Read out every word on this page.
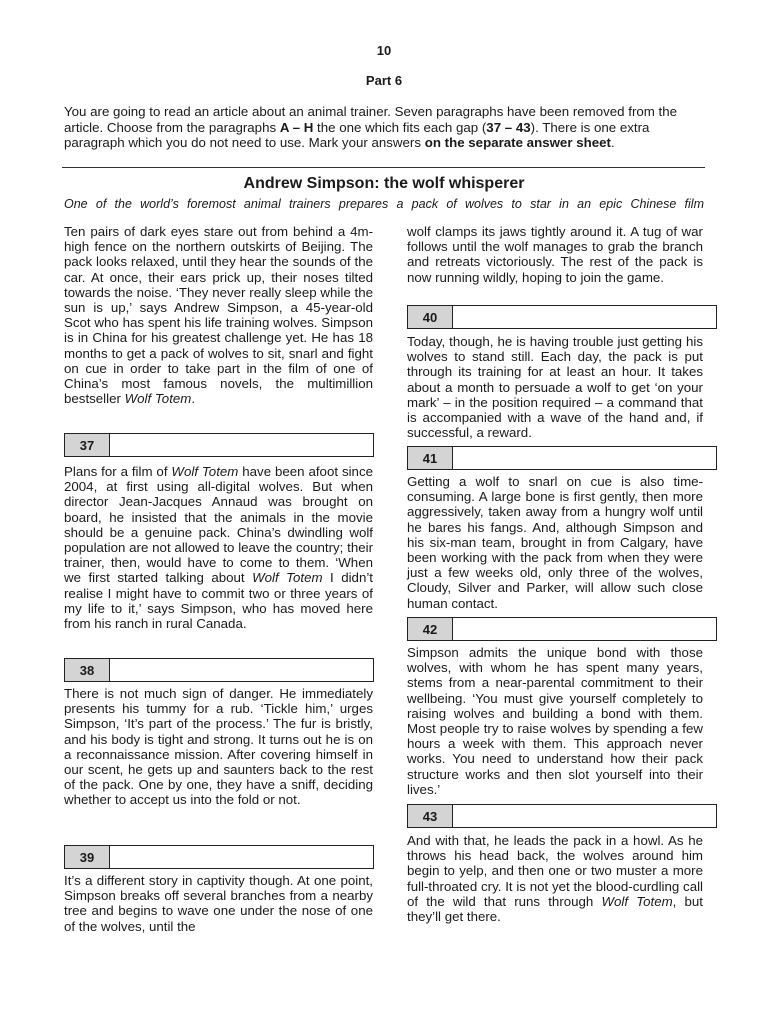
10
Part 6
You are going to read an article about an animal trainer. Seven paragraphs have been removed from the article. Choose from the paragraphs A – H the one which fits each gap (37 – 43). There is one extra paragraph which you do not need to use. Mark your answers on the separate answer sheet.
Andrew Simpson: the wolf whisperer
One of the world’s foremost animal trainers prepares a pack of wolves to star in an epic Chinese film

Ten pairs of dark eyes stare out from behind a 4m-high fence on the northern outskirts of Beijing. The pack looks relaxed, until they hear the sounds of the car. At once, their ears prick up, their noses tilted towards the noise. ‘They never really sleep while the sun is up,’ says Andrew Simpson, a 45-year-old Scot who has spent his life training wolves. Simpson is in China for his greatest challenge yet. He has 18 months to get a pack of wolves to sit, snarl and fight on cue in order to take part in the film of one of China’s most famous novels, the multimillion bestseller Wolf Totem.

37

Plans for a film of Wolf Totem have been afoot since 2004, at first using all-digital wolves. But when director Jean-Jacques Annaud was brought on board, he insisted that the animals in the movie should be a genuine pack. China’s dwindling wolf population are not allowed to leave the country; their trainer, then, would have to come to them. ‘When we first started talking about Wolf Totem I didn’t realise I might have to commit two or three years of my life to it,’ says Simpson, who has moved here from his ranch in rural Canada.

38

There is not much sign of danger. He immediately presents his tummy for a rub. ‘Tickle him,’ urges Simpson, ‘It’s part of the process.’ The fur is bristly, and his body is tight and strong. It turns out he is on a reconnaissance mission. After covering himself in our scent, he gets up and saunters back to the rest of the pack. One by one, they have a sniff, deciding whether to accept us into the fold or not.

39

It’s a different story in captivity though. At one point, Simpson breaks off several branches from a nearby tree and begins to wave one under the nose of one of the wolves, until the

wolf clamps its jaws tightly around it. A tug of war follows until the wolf manages to grab the branch and retreats victoriously. The rest of the pack is now running wildly, hoping to join the game.

40

Today, though, he is having trouble just getting his wolves to stand still. Each day, the pack is put through its training for at least an hour. It takes about a month to persuade a wolf to get ‘on your mark’ – in the position required – a command that is accompanied with a wave of the hand and, if successful, a reward.

41

Getting a wolf to snarl on cue is also time-consuming. A large bone is first gently, then more aggressively, taken away from a hungry wolf until he bares his fangs. And, although Simpson and his six-man team, brought in from Calgary, have been working with the pack from when they were just a few weeks old, only three of the wolves, Cloudy, Silver and Parker, will allow such close human contact.

42

Simpson admits the unique bond with those wolves, with whom he has spent many years, stems from a near-parental commitment to their wellbeing. ‘You must give yourself completely to raising wolves and building a bond with them. Most people try to raise wolves by spending a few hours a week with them. This approach never works. You need to understand how their pack structure works and then slot yourself into their lives.’

43

And with that, he leads the pack in a howl. As he throws his head back, the wolves around him begin to yelp, and then one or two muster a more full-throated cry. It is not yet the blood-curdling call of the wild that runs through Wolf Totem, but they’ll get there.
